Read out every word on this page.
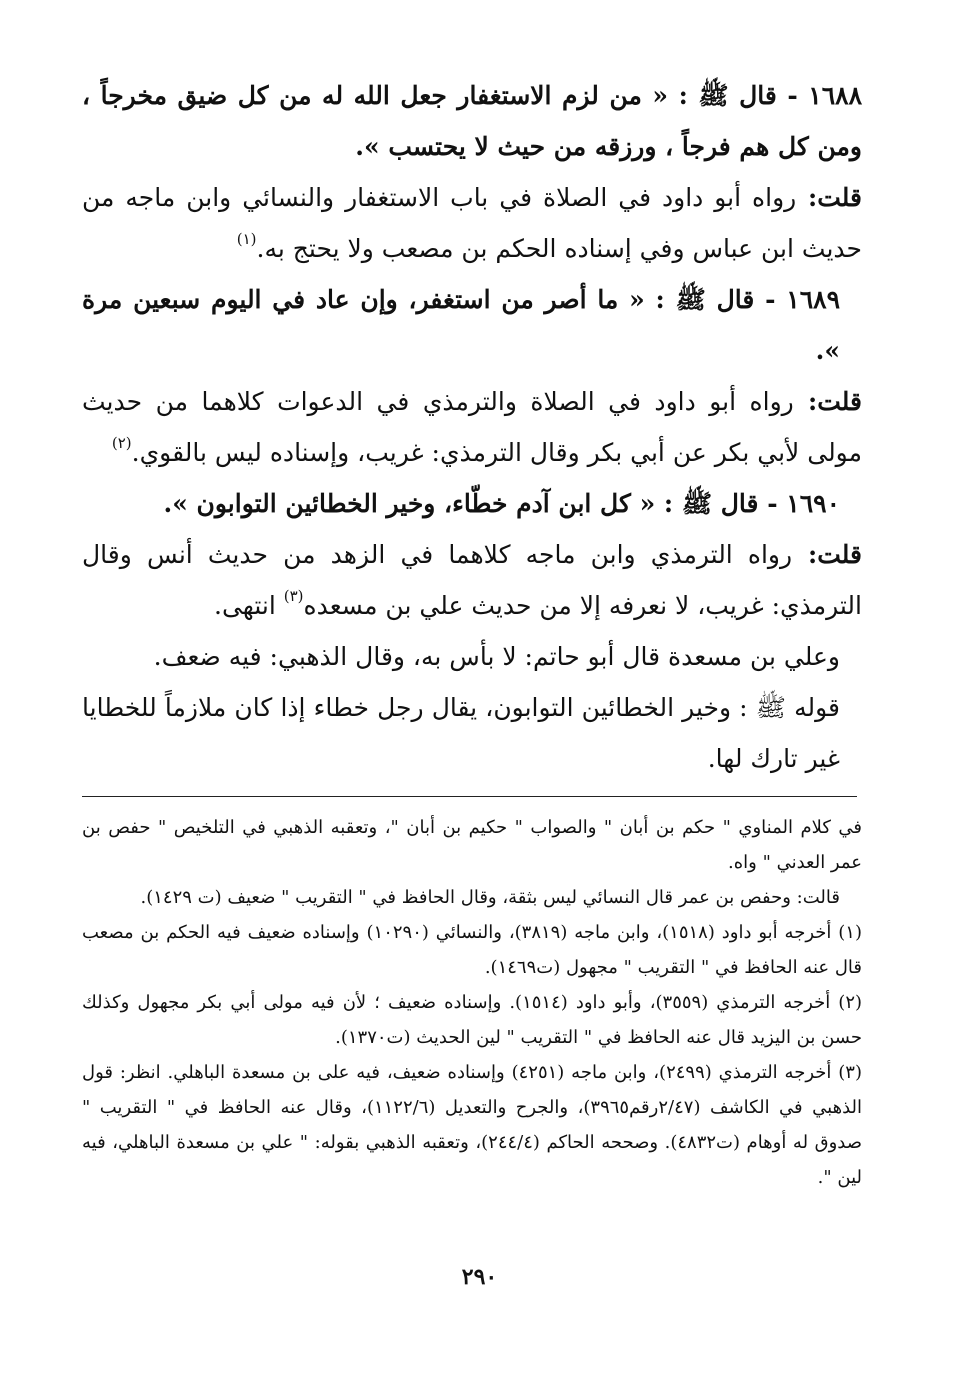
١٦٨٨ - قال ﷺ : « من لزم الاستغفار جعل الله له من كل ضيق مخرجاً ، ومن كل هم فرجاً ، ورزقه من حيث لا يحتسب ».

قلت: رواه أبو داود في الصلاة في باب الاستغفار والنسائي وابن ماجه من حديث ابن عباس وفي إسناده الحكم بن مصعب ولا يحتج به.$^{(١)}$

١٦٨٩ - قال ﷺ : « ما أصر من استغفر، وإن عاد في اليوم سبعين مرة ».

قلت: رواه أبو داود في الصلاة والترمذي في الدعوات كلاهما من حديث مولى لأبي بكر عن أبي بكر وقال الترمذي: غريب، وإسناده ليس بالقوي.$^{(٢)}$

١٦٩٠ - قال ﷺ : « كل ابن آدم خطّاء، وخير الخطائين التوابون ».

قلت: رواه الترمذي وابن ماجه كلاهما في الزهد من حديث أنس وقال الترمذي: غريب، لا نعرفه إلا من حديث علي بن مسعده$^{(٣)}$ انتهى.

وعلي بن مسعدة قال أبو حاتم: لا بأس به، وقال الذهبي: فيه ضعف.

قوله ﷺ : وخير الخطائين التوابون، يقال رجل خطاء إذا كان ملازماً للخطايا غير تارك لها.

في كلام المناوي " حكم بن أبان " والصواب " حكيم بن أبان "، وتعقبه الذهبي في التلخيص " حفص بن عمر العدني " واه.

قالت: وحفص بن عمر قال النسائي ليس بثقة، وقال الحافظ في " التقريب " ضعيف (ت ١٤٢٩).

(١) أخرجه أبو داود (١٥١٨)، وابن ماجه (٣٨١٩)، والنسائي (١٠٢٩٠) وإسناده ضعيف فيه الحكم بن مصعب قال عنه الحافظ في " التقريب " مجهول (ت١٤٦٩).

(٢) أخرجه الترمذي (٣٥٥٩)، وأبو داود (١٥١٤). وإسناده ضعيف ؛ لأن فيه مولى أبي بكر مجهول وكذلك حسن بن اليزيد قال عنه الحافظ في " التقريب " لين الحديث (ت١٣٧٠).

(٣) أخرجه الترمذي (٢٤٩٩)، وابن ماجه (٤٢٥١) وإسناده ضعيف، فيه على بن مسعدة الباهلي. انظر: قول الذهبي في الكاشف (٢/٤٧رقم٣٩٦٥)، والجرح والتعديل (١١٢٢/٦)، وقال عنه الحافظ في " التقريب " صدوق له أوهام (ت٤٨٣٢). وصححه الحاكم (٢٤٤/٤)، وتعقبه الذهبي بقوله: " علي بن مسعدة الباهلي، فيه لين ".

٢٩٠
